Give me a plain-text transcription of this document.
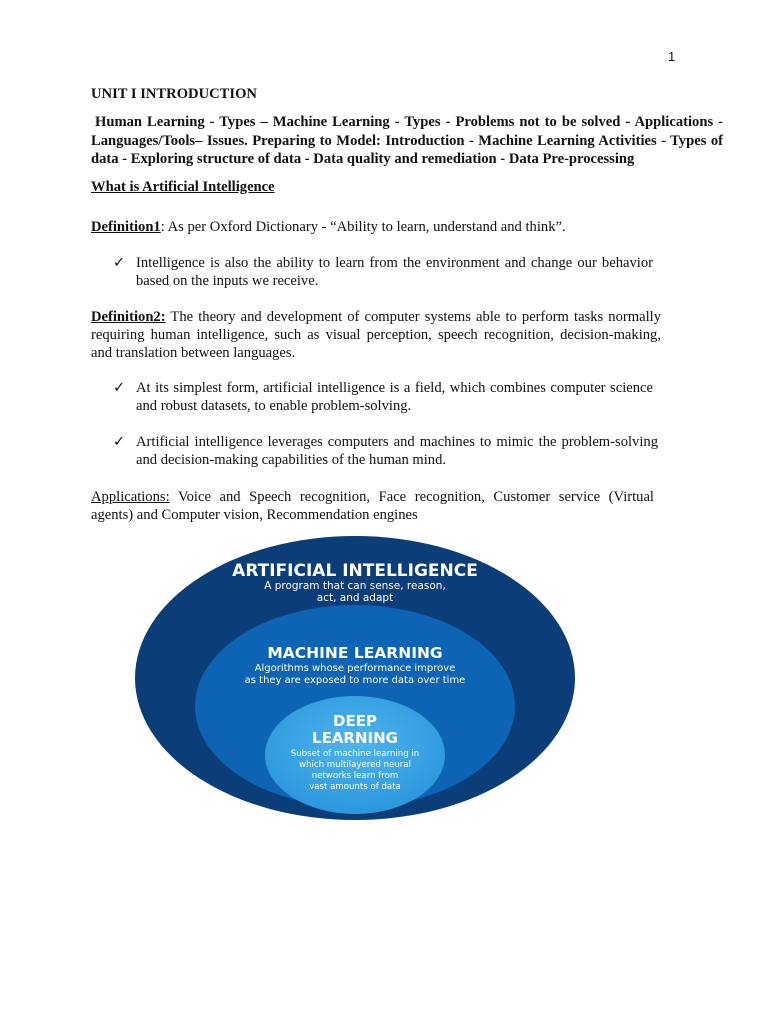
1
UNIT I INTRODUCTION
Human Learning - Types – Machine Learning - Types - Problems not to be solved - Applications - Languages/Tools– Issues. Preparing to Model: Introduction - Machine Learning Activities - Types of data - Exploring structure of data - Data quality and remediation - Data Pre-processing
What is Artificial Intelligence
Definition1: As per Oxford Dictionary - “Ability to learn, understand and think”.
✓ Intelligence is also the ability to learn from the environment and change our behavior based on the inputs we receive.
Definition2: The theory and development of computer systems able to perform tasks normally requiring human intelligence, such as visual perception, speech recognition, decision-making, and translation between languages.
✓ At its simplest form, artificial intelligence is a field, which combines computer science and robust datasets, to enable problem-solving.
✓ Artificial intelligence leverages computers and machines to mimic the problem-solving and decision-making capabilities of the human mind.
Applications: Voice and Speech recognition, Face recognition, Customer service (Virtual agents) and Computer vision, Recommendation engines
ARTIFICIAL INTELLIGENCE
A program that can sense, reason,
act, and adapt
MACHINE LEARNING
Algorithms whose performance improve
as they are exposed to more data over time
DEEP
LEARNING
Subset of machine learning in
which multilayered neural
networks learn from
vast amounts of data
